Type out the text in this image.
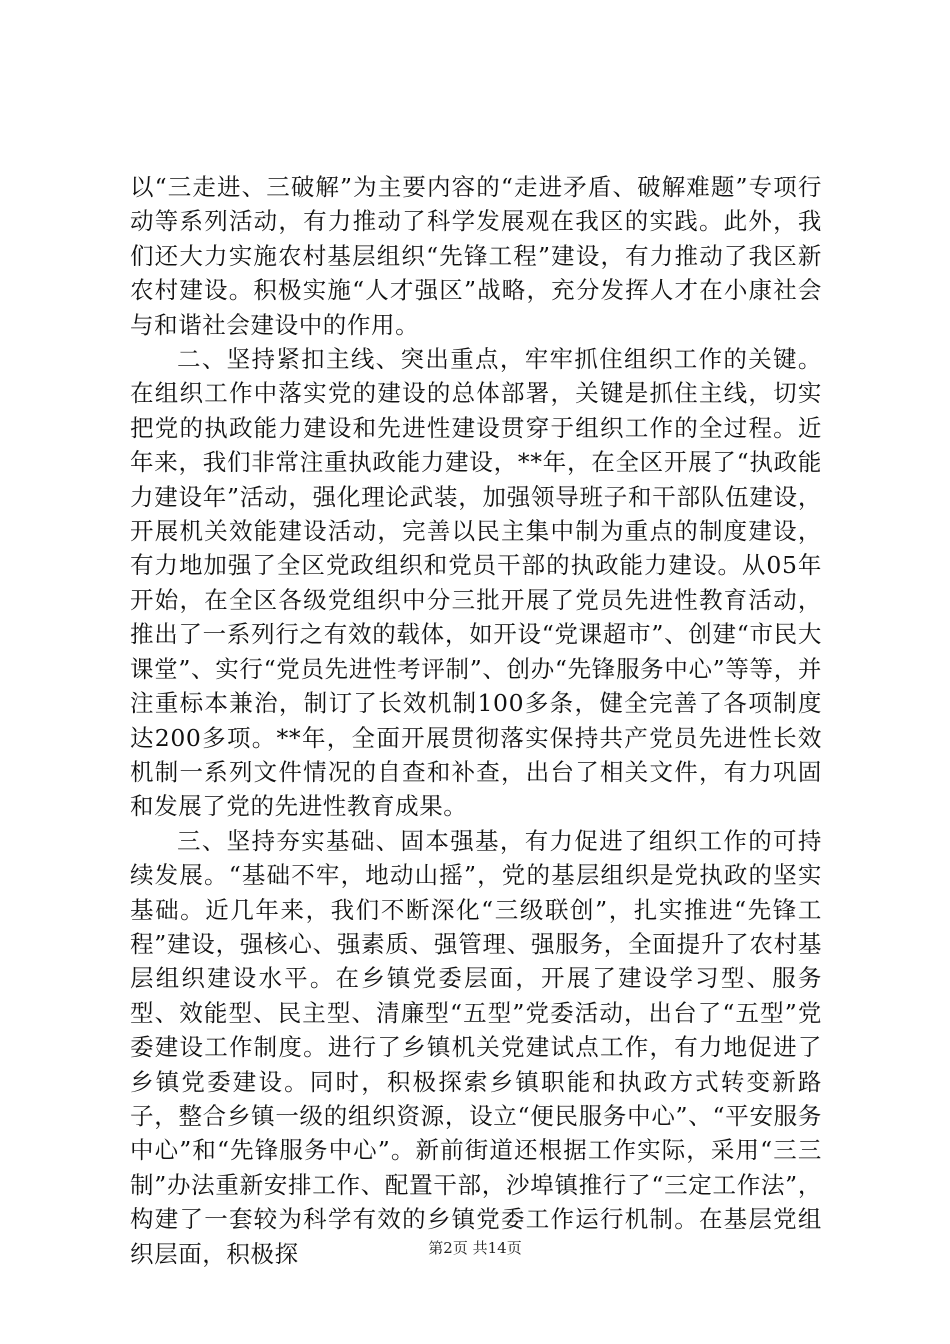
以“三走进、三破解”为主要内容的“走进矛盾、破解难题”专项行动等系列活动，有力推动了科学发展观在我区的实践。此外，我们还大力实施农村基层组织“先锋工程”建设，有力推动了我区新农村建设。积极实施“人才强区”战略，充分发挥人才在小康社会与和谐社会建设中的作用。

二、坚持紧扣主线、突出重点，牢牢抓住组织工作的关键。在组织工作中落实党的建设的总体部署，关键是抓住主线，切实把党的执政能力建设和先进性建设贯穿于组织工作的全过程。近年来，我们非常注重执政能力建设，**年，在全区开展了“执政能力建设年”活动，强化理论武装，加强领导班子和干部队伍建设，开展机关效能建设活动，完善以民主集中制为重点的制度建设，有力地加强了全区党政组织和党员干部的执政能力建设。从05年开始，在全区各级党组织中分三批开展了党员先进性教育活动，推出了一系列行之有效的载体，如开设“党课超市”、创建“市民大课堂”、实行“党员先进性考评制”、创办“先锋服务中心”等等，并注重标本兼治，制订了长效机制100多条，健全完善了各项制度达200多项。**年，全面开展贯彻落实保持共产党员先进性长效机制一系列文件情况的自查和补查，出台了相关文件，有力巩固和发展了党的先进性教育成果。

三、坚持夯实基础、固本强基，有力促进了组织工作的可持续发展。“基础不牢，地动山摇”，党的基层组织是党执政的坚实基础。近几年来，我们不断深化“三级联创”，扎实推进“先锋工程”建设，强核心、强素质、强管理、强服务，全面提升了农村基层组织建设水平。在乡镇党委层面，开展了建设学习型、服务型、效能型、民主型、清廉型“五型”党委活动，出台了“五型”党委建设工作制度。进行了乡镇机关党建试点工作，有力地促进了乡镇党委建设。同时，积极探索乡镇职能和执政方式转变新路子，整合乡镇一级的组织资源，设立“便民服务中心”、“平安服务中心”和“先锋服务中心”。新前街道还根据工作实际，采用“三三制”办法重新安排工作、配置干部，沙埠镇推行了“三定工作法”，构建了一套较为科学有效的乡镇党委工作运行机制。在基层党组织层面，积极探	第2页 共14页
